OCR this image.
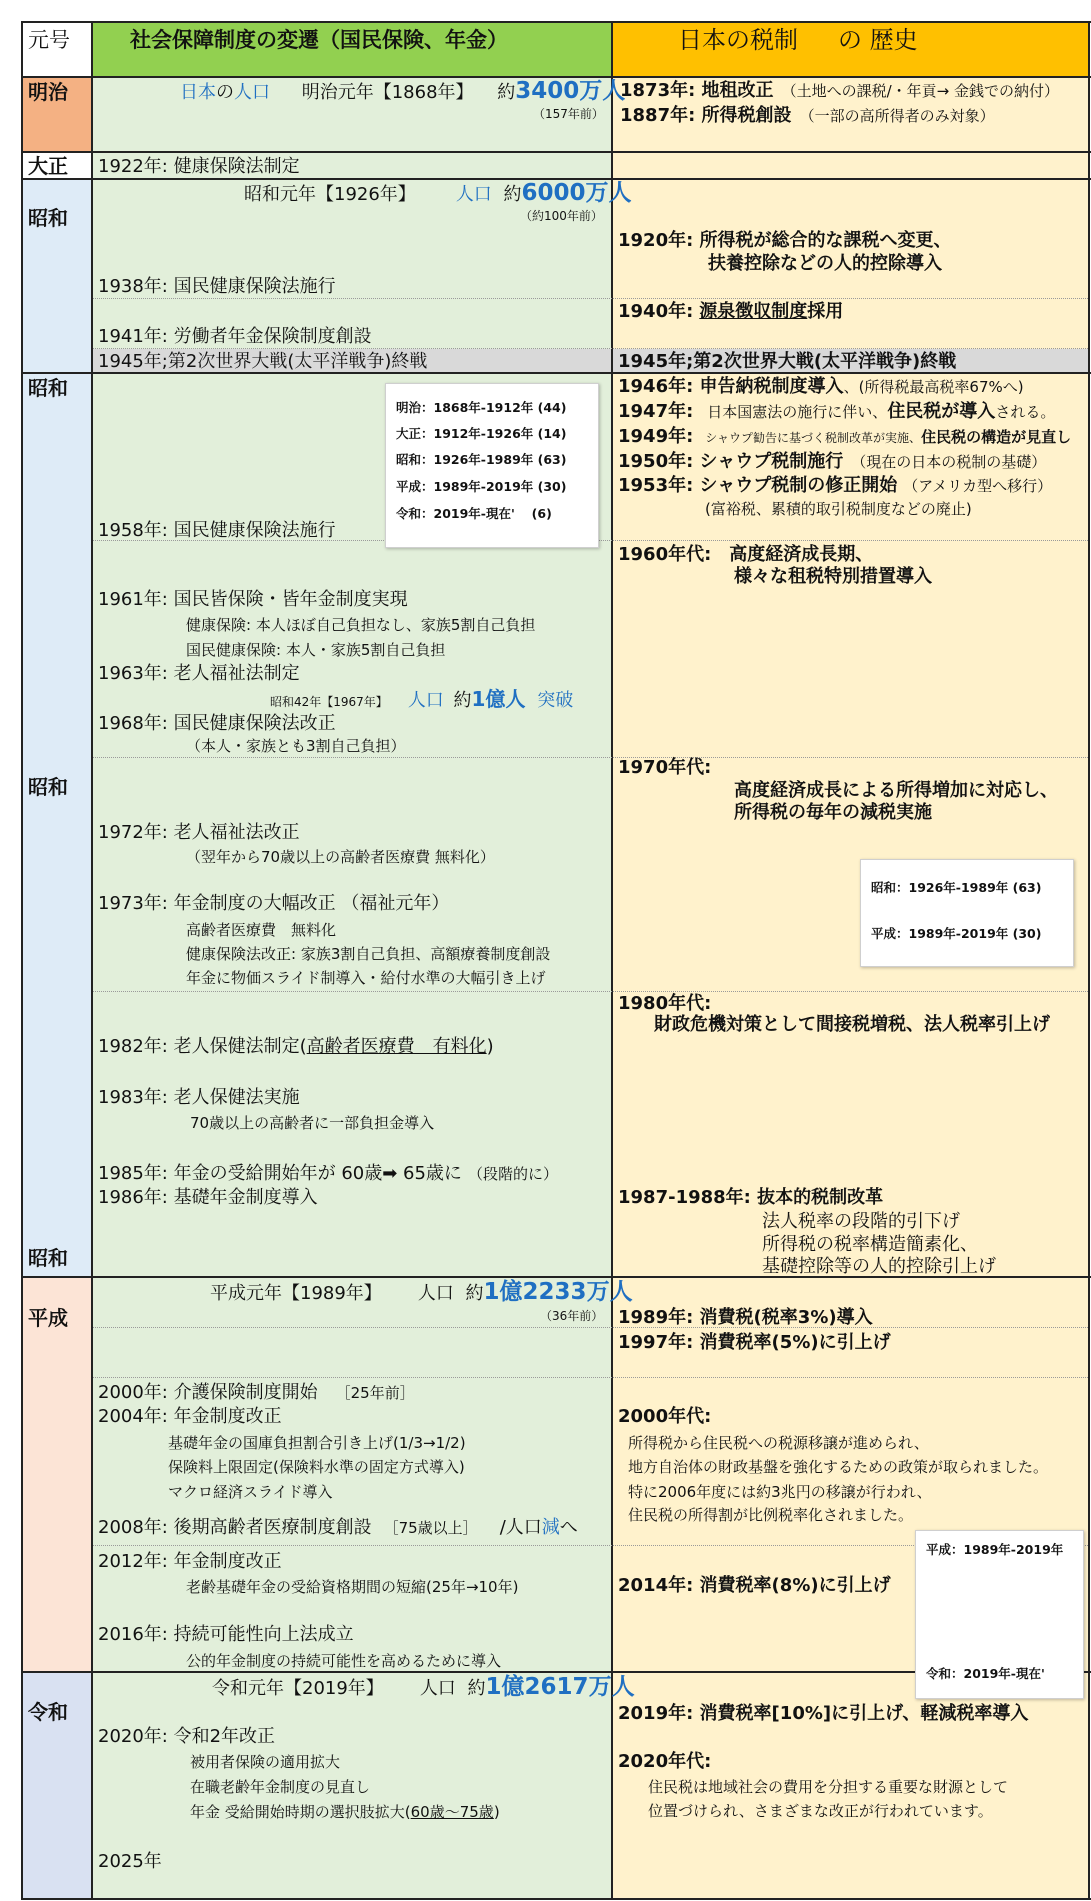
元号	社会保障制度の変遷（国民保険、年金）	日本の税制 の 歴史
明治
大正
昭和
昭和
昭和
昭和
平成
令和
日本の人口 明治元年【1868年】 約3400万人
（157年前）
昭和元年【1926年】 人口 約6000万人
（約100年前）
昭和42年【1967年】 人口 約1億人 突破
平成元年【1989年】 人口 約1億2233万人
（36年前）
令和元年【2019年】 人口 約1億2617万人
1922年: 健康保険法制定
1938年: 国民健康保険法施行
1941年: 労働者年金保険制度創設
1945年;第2次世界大戦(太平洋戦争)終戦
1958年: 国民健康保険法施行
1961年: 国民皆保険・皆年金制度実現
健康保険: 本人ほぼ自己負担なし、家族5割自己負担
国民健康保険: 本人・家族5割自己負担
1963年: 老人福祉法制定
1968年: 国民健康保険法改正
（本人・家族とも3割自己負担）
1972年: 老人福祉法改正
（翌年から70歳以上の高齢者医療費 無料化）
1973年: 年金制度の大幅改正 （福祉元年）
高齢者医療費　無料化
健康保険法改正: 家族3割自己負担、高額療養制度創設
年金に物価スライド制導入・給付水準の大幅引き上げ
1982年: 老人保健法制定(高齢者医療費　有料化)
1983年: 老人保健法実施
70歳以上の高齢者に一部負担金導入
1985年: 年金の受給開始年が 60歳➡ 65歳に （段階的に）
1986年: 基礎年金制度導入
2000年: 介護保険制度開始 ［25年前］
2004年: 年金制度改正
基礎年金の国庫負担割合引き上げ(1/3→1/2)
保険料上限固定(保険料水準の固定方式導入)
マクロ経済スライド導入
2008年: 後期高齢者医療制度創設 ［75歳以上］ /人口減へ
2012年: 年金制度改正
老齢基礎年金の受給資格期間の短縮(25年→10年)
2016年: 持続可能性向上法成立
公的年金制度の持続可能性を高めるために導入
2020年: 令和2年改正
被用者保険の適用拡大
在職老齢年金制度の見直し
年金 受給開始時期の選択肢拡大(60歳〜75歳)
2025年
1873年: 地租改正 （土地への課税/・年貢→ 金銭での納付）
1887年: 所得税創設 （一部の高所得者のみ対象）
1920年: 所得税が総合的な課税へ変更、
扶養控除などの人的控除導入
1940年: 源泉徴収制度採用
1945年;第2次世界大戦(太平洋戦争)終戦
1946年: 申告納税制度導入、(所得税最高税率67%へ)
1947年: 日本国憲法の施行に伴い、住民税が導入される。
1949年: シャウプ勧告に基づく税制改革が実施、住民税の構造が見直し
1950年: シャウプ税制施行 （現在の日本の税制の基礎）
1953年: シャウプ税制の修正開始 （アメリカ型へ移行）
(富裕税、累積的取引税制度などの廃止)
1960年代: 高度経済成長期、
様々な租税特別措置導入
1970年代:
高度経済成長による所得増加に対応し、
所得税の毎年の減税実施
1980年代:
財政危機対策として間接税増税、法人税率引上げ
1987-1988年: 抜本的税制改革
法人税率の段階的引下げ
所得税の税率構造簡素化、
基礎控除等の人的控除引上げ
1989年: 消費税(税率3%)導入
1997年: 消費税率(5%)に引上げ
2000年代:
所得税から住民税への税源移譲が進められ、
地方自治体の財政基盤を強化するための政策が取られました。
特に2006年度には約3兆円の移譲が行われ、
住民税の所得割が比例税率化されました。
2014年: 消費税率(8%)に引上げ
2019年: 消費税率[10%]に引上げ、軽減税率導入
2020年代:
住民税は地域社会の費用を分担する重要な財源として
位置づけられ、さまざまな改正が行われています。
明治：1868年-1912年 (44)
大正：1912年-1926年 (14)
昭和：1926年-1989年 (63)
平成：1989年-2019年 (30)
令和：2019年-現在'　 (6)
昭和：1926年-1989年 (63)
平成：1989年-2019年 (30)
平成：1989年-2019年
令和：2019年-現在'
